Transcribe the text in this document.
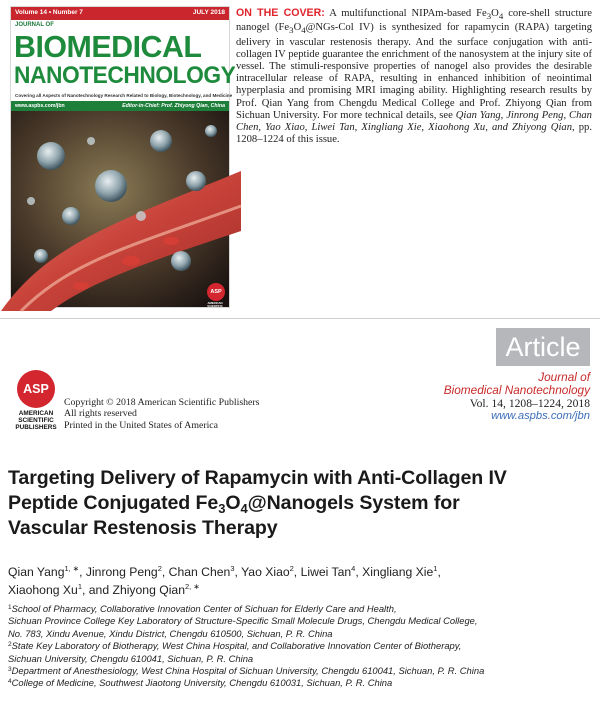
Volume 14 • Number 7	JULY 2018
JOURNAL OF
BIOMEDICAL
NANOTECHNOLOGY
Covering all Aspects of Nanotechnology Research Related to Biology, Biotechnology, and Medicine
www.aspbs.com/jbn	Editor-in-Chief: Prof. Zhiyong Qian, China
ASP
AMERICAN SCIENTIFIC PUBLISHERS
ON THE COVER: A multifunctional NIPAm-based $Fe_3O_4$ core-shell structure nanogel ($Fe_3O_4@NGs$-Col IV) is synthesized for rapamycin (RAPA) targeting delivery in vascular restenosis therapy. And the surface conjugation with anti-collagen IV peptide guarantee the enrichment of the nanosystem at the injury site of vessel. The stimuli-responsive properties of nanogel also provides the desirable intracellular release of RAPA, resulting in enhanced inhibition of neointimal hyperplasia and promising MRI imaging ability. Highlighting research results by Prof. Qian Yang from Chengdu Medical College and Prof. Zhiyong Qian from Sichuan University. For more technical details, see Qian Yang, Jinrong Peng, Chan Chen, Yao Xiao, Liwei Tan, Xingliang Xie, Xiaohong Xu, and Zhiyong Qian, pp. 1208–1224 of this issue.
Article
ASP
AMERICAN
SCIENTIFIC
PUBLISHERS
Copyright © 2018 American Scientific Publishers
All rights reserved
Printed in the United States of America
Journal of
Biomedical Nanotechnology
Vol. 14, 1208–1224, 2018
www.aspbs.com/jbn
Targeting Delivery of Rapamycin with Anti-Collagen IV
Peptide Conjugated $Fe_3O_4@Nanogels$ System for
Vascular Restenosis Therapy
Qian Yang$^{1, ∗}$, Jinrong Peng$^2$, Chan Chen$^3$, Yao Xiao$^2$, Liwei Tan$^4$, Xingliang Xie$^1$,
Xiaohong Xu$^1$, and Zhiyong Qian$^{2, ∗}$
$^1$School of Pharmacy, Collaborative Innovation Center of Sichuan for Elderly Care and Health,
Sichuan Province College Key Laboratory of Structure-Specific Small Molecule Drugs, Chengdu Medical College,
No. 783, Xindu Avenue, Xindu District, Chengdu 610500, Sichuan, P. R. China
$^2$State Key Laboratory of Biotherapy, West China Hospital, and Collaborative Innovation Center of Biotherapy,
Sichuan University, Chengdu 610041, Sichuan, P. R. China
$^3$Department of Anesthesiology, West China Hospital of Sichuan University, Chengdu 610041, Sichuan, P. R. China
$^4$College of Medicine, Southwest Jiaotong University, Chengdu 610031, Sichuan, P. R. China
